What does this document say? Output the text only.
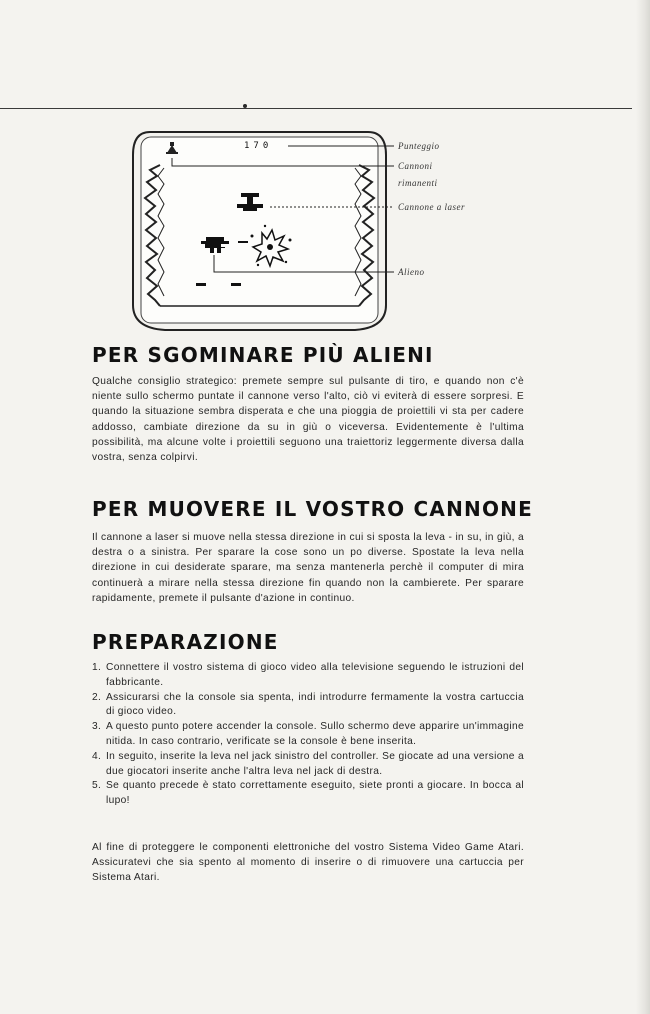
170	Punteggio
Cannoni
rimanenti
Cannone a laser
Alieno
PER SGOMINARE PIÙ ALIENI

Qualche consiglio strategico: premete sempre sul pulsante di tiro, e quando non c'è niente sullo schermo puntate il cannone verso l'alto, ciò vi eviterà di essere sorpresi. E quando la situazione sembra disperata e che una pioggia de proiettili vi sta per cadere addosso, cambiate direzione da su in giù o viceversa. Evidentemente è l'ultima possibilità, ma alcune volte i proiettili seguono una traiettoriz leggermente diversa dalla vostra, senza colpirvi.

PER MUOVERE IL VOSTRO CANNONE

Il cannone a laser si muove nella stessa direzione in cui si sposta la leva - in su, in giù, a destra o a sinistra. Per sparare la cose sono un po diverse. Spostate la leva nella direzione in cui desiderate sparare, ma senza mantenerla perchè il computer di mira continuerà a mirare nella stessa direzione fin quando non la cambierete. Per sparare rapidamente, premete il pulsante d'azione in continuo.

PREPARAZIONE
1. Connettere il vostro sistema di gioco video alla televisione seguendo le istruzioni del fabbricante.
2. Assicurarsi che la console sia spenta, indi introdurre fermamente la vostra cartuccia di gioco video.
3. A questo punto potere accender la console. Sullo schermo deve apparire un'immagine nitida. In caso contrario, verificate se la console è bene inserita.
4. In seguito, inserite la leva nel jack sinistro del controller. Se giocate ad una versione a due giocatori inserite anche l'altra leva nel jack di destra.
5. Se quanto precede è stato correttamente eseguito, siete pronti a giocare. In bocca al lupo!

Al fine di proteggere le componenti elettroniche del vostro Sistema Video Game Atari. Assicuratevi che sia spento al momento di inserire o di rimuovere una cartuccia per Sistema Atari.
